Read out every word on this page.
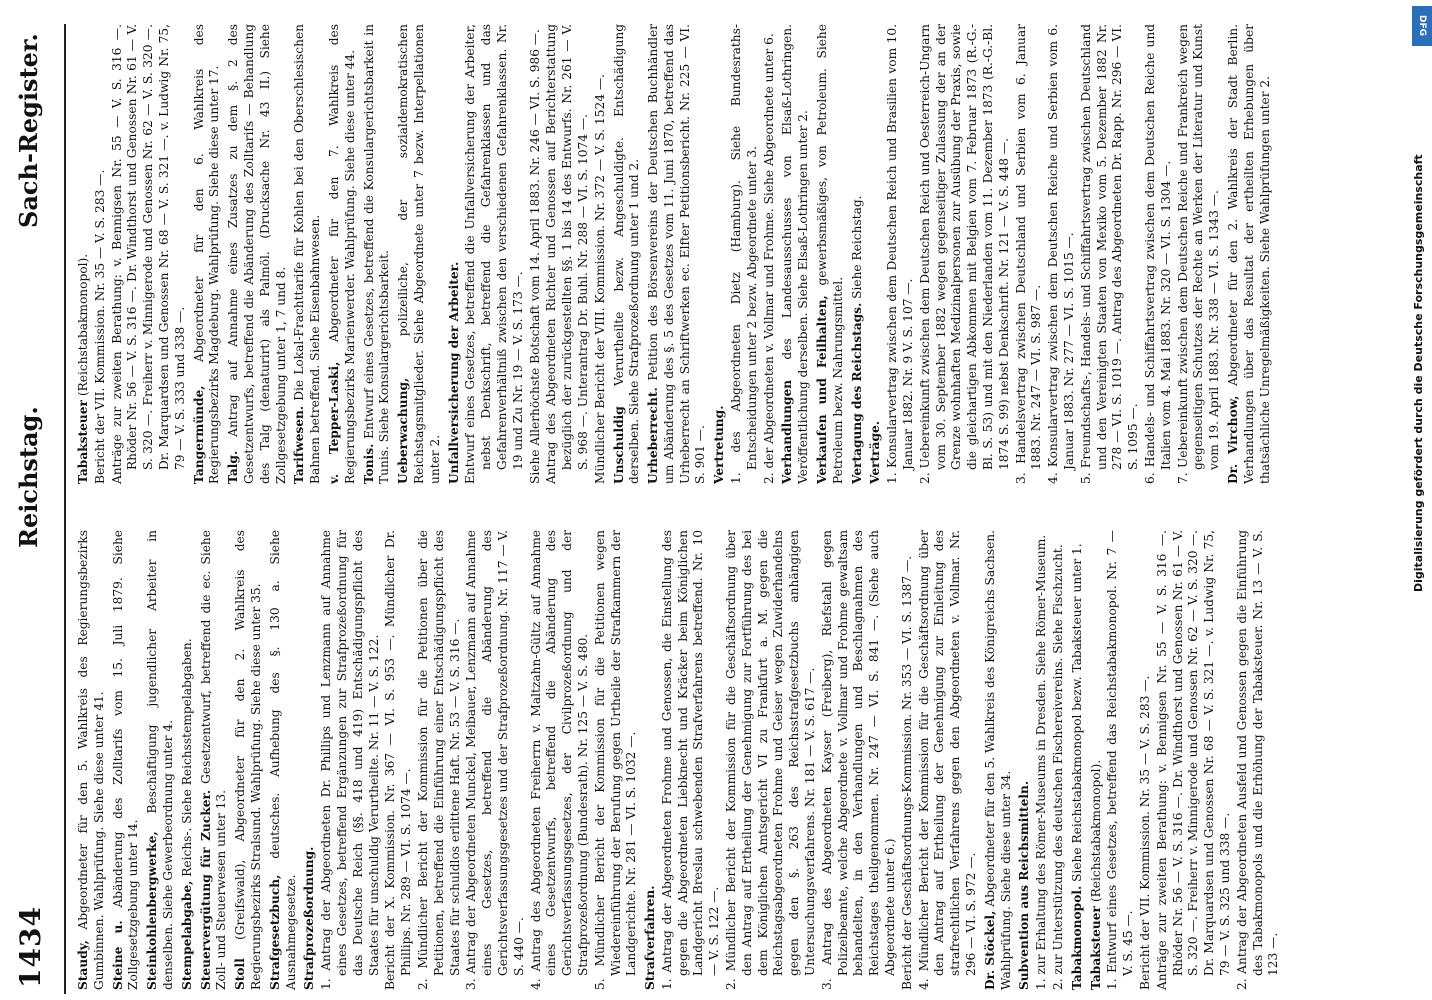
1434
Reichstag.
Sach-Register.
Staudy, Abgeordneter für den 5. Wahlkreis des Regierungsbezirks Gumbinnen. Wahlprüfung. Siehe diese unter 41. Steine u. Abänderung des Zolltarifs vom 15. Juli 1879. Siehe Zollgesetzgebung unter 14. Steinkohlenbergwerke, Beschäftigung jugendlicher Arbeiter in denselben. Siehe Gewerbeordnung unter 4. Stempelabgabe, Reichs-. Siehe Reichsstempelabgaben.
Steuervergütung für Zucker. Gesetzentwurf, betreffend die ec. Siehe Zoll- und Steuerwesen unter 13. Stoll (Greifswald), Abgeordneter für den 2. Wahlkreis des Regierungsbezirks Stralsund. Wahlprüfung. Siehe diese unter 35. Strafgesetzbuch, deutsches. Aufhebung des §. 130 a. Siehe Ausnahmegesetze. Strafprozeßordnung. 1. Antrag der Abgeordneten Dr. Phillips und Lenzmann auf Annahme eines Gesetzes, betreffend Ergänzungen zur Strafprozeßordnung für das Deutsche Reich (§§. 418 und 419) Entschädigungspflicht des Staates für unschuldig Verurtheilte. Nr. 11 — V. S. 122. Bericht der X. Kommission. Nr. 367 — VI. S. 953 —. Mündlicher Dr. Phillips. Nr. 289 — VI. S. 1074 —. 2. Mündlicher Bericht der Kommission für die Petitionen über die Petitionen, betreffend die Einführung einer Entschädigungspflicht des Staates für schuldlos erlittene Haft. Nr. 53 — V. S. 316 —. 3. Antrag der Abgeordneten Munckel, Meibauer, Lenzmann auf Annahme eines Gesetzes, betreffend die Abänderung des Gerichtsverfassungsgesetzes und der Strafprozeßordnung. Nr. 117 — V. S. 440 —. 4. Antrag des Abgeordneten Freiherrn v. Maltzahn-Gültz auf Annahme eines Gesetzentwurfs, betreffend die Abänderung des Gerichtsverfassungsgesetzes, der Civilprozeßordnung und der Strafprozeßordnung (Bundesrath). Nr. 125 — V. S. 480. 5. Mündlicher Bericht der Kommission für die Petitionen wegen Wiedereinführung der Berufung gegen Urtheile der Strafkammern der Landgerichte. Nr. 281 — VI. S. 1032 —. Strafverfahren. 1. Antrag der Abgeordneten Frohme und Genossen, die Einstellung des gegen die Abgeordneten Liebknecht und Kräcker beim Königlichen Landgericht Breslau schwebenden Strafverfahrens betreffend. Nr. 10 — V. S. 122 —. 2. Mündlicher Bericht der Kommission für die Geschäftsordnung über den Antrag auf Ertheilung der Genehmigung zur Fortführung des bei dem Königlichen Amtsgericht VI zu Frankfurt a. M. gegen die Reichstagsabgeordneten Frohme und Geiser wegen Zuwiderhandelns gegen den §. 263 des Reichsstrafgesetzbuchs anhängigen Untersuchungsverfahrens. Nr. 181 — V. S. 617 —. 3. Antrag des Abgeordneten Kayser (Freiberg), Riefstahl gegen Polizeibeamte, welche Abgeordnete v. Vollmar und Frohme gewaltsam behandelten, in den Verhandlungen und Beschlagnahmen des Reichstages theilgenommen. Nr. 247 — VI. S. 841 —. (Siehe auch Abgeordnete unter 6.) Bericht der Geschäftsordnungs-Kommission. Nr. 353 — VI. S. 1387 —. 4. Mündlicher Bericht der Kommission für die Geschäftsordnung über den Antrag auf Ertheilung der Genehmigung zur Einleitung des strafrechtlichen Verfahrens gegen den Abgeordneten v. Vollmar. Nr. 296 — VI. S. 972 —. Dr. Stöckel, Abgeordneter für den 5. Wahlkreis des Königreichs Sachsen. Wahlprüfung. Siehe diese unter 34. Subvention aus Reichsmitteln. 1. zur Erhaltung des Römer-Museums in Dresden. Siehe Römer-Museum. 2. zur Unterstützung des deutschen Fischereivereins. Siehe Fischzucht. Tabakmonopol. Siehe Reichstabakmonopol bezw. Tabaksteuer unter 1.
Tabaksteuer (Reichstabakmonopol). 1. Entwurf eines Gesetzes, betreffend das Reichstabakmonopol. Nr. 7 — V. S. 45 —. Bericht der VII. Kommission. Nr. 35 — V. S. 283 —. Anträge zur zweiten Berathung: v. Bennigsen Nr. 55 — V. S. 316 —. Rhöder Nr. 56 — V. S. 316 —. Dr. Windthorst und Genossen Nr. 61 — V. S. 320 —. Freiherr v. Minnigerode und Genossen Nr. 62 — V. S. 320 —. Dr. Marquardsen und Genossen Nr. 68 — V. S. 321 —. v. Ludwig Nr. 75, 79 — V. S. 325 und 338 —. 2. Antrag der Abgeordneten Ausfeld und Genossen gegen die Einführung des Tabakmonopols und die Erhöhung der Tabaksteuer. Nr. 13 — V. S. 123 —.
Tabaksteuer (Reichstabakmonopol). Bericht der VII. Kommission. Nr. 35 — V. S. 283 —. Anträge zur zweiten Berathung: v. Bennigsen Nr. 55 — V. S. 316 —. Rhöder Nr. 56 — V. S. 316 —. Dr. Windthorst und Genossen Nr. 61 — V. S. 320 —. Freiherr v. Minnigerode und Genossen Nr. 62 — V. S. 320 —. Dr. Marquardsen und Genossen Nr. 68 — V. S. 321 —. v. Ludwig Nr. 75, 79 — V. S. 333 und 338 —. Tangermünde, Abgeordneter für den 6. Wahlkreis des Regierungsbezirks Magdeburg. Wahlprüfung. Siehe diese unter 17. Talg. Antrag auf Annahme eines Zusatzes zu dem §. 2 des Gesetzentwurfs, betreffend die Abänderung des Zolltarifs — Behandlung des Talg (denaturirt) als Palmöl. (Drucksache Nr. 43 II.) Siehe Zollgesetzgebung unter 1, 7 und 8. Tarifwesen. Die Lokal-Frachttarife für Kohlen bei den Oberschlesischen Bahnen betreffend. Siehe Eisenbahnwesen. v. Tepper-Laski, Abgeordneter für den 7. Wahlkreis des Regierungsbezirks Marienwerder. Wahlprüfung. Siehe diese unter 44. Tonis. Entwurf eines Gesetzes, betreffend die Konsulargerichtsbarkeit in Tunis. Siehe Konsulargerichtsbarkeit. Ueberwachung, polizeiliche, der sozialdemokratischen Reichstagsmitglieder. Siehe Abgeordnete unter 7 bezw. Interpellationen unter 2. Unfallversicherung der Arbeiter. Entwurf eines Gesetzes, betreffend die Unfallversicherung der Arbeiter, nebst Denkschrift, betreffend die Gefahrenklassen und das Gefahrenverhältniß zwischen den verschiedenen Gefahrenklassen. Nr. 19 und Zu Nr. 19 — V. S. 173 —. Siehe Allerhöchste Botschaft vom 14. April 1883. Nr. 246 — VI. S. 986 —. Antrag des Abgeordneten Richter und Genossen auf Berichterstattung bezüglich der zurückgestellten §§. 1 bis 14 des Entwurfs. Nr. 261 — V. S. 968 —. Unterantrag Dr. Buhl. Nr. 288 — VI. S. 1074 —. Mündlicher Bericht der VIII. Kommission. Nr. 372 — V. S. 1524 —. Unschuldig Verurtheilte bezw. Angeschuldigte. Entschädigung derselben. Siehe Strafprozeßordnung unter 1 und 2. Urheberrecht. Petition des Börsenvereins der Deutschen Buchhändler um Abänderung des §. 5 des Gesetzes vom 11. Juni 1870, betreffend das Urheberrecht an Schriftwerken ec. Elfter Petitionsbericht. Nr. 225 — VI. S. 901 —. Vertretung. 1. des Abgeordneten Dietz (Hamburg). Siehe Bundesraths-Entscheidungen unter 2 bezw. Abgeordnete unter 3. 2. der Abgeordneten v. Vollmar und Frohme. Siehe Abgeordnete unter 6. Verhandlungen des Landesausschusses von Elsaß-Lothringen. Veröffentlichung derselben. Siehe Elsaß-Lothringen unter 2. Verkaufen und Feilhalten, gewerbsmäßiges, von Petroleum. Siehe Petroleum bezw. Nahrungsmittel. Vertagung des Reichstags. Siehe Reichstag.
Verträge. 1. Konsularvertrag zwischen dem Deutschen Reich und Brasilien vom 10. Januar 1882. Nr. 9 V. S. 107 —. 2. Uebereinkunft zwischen dem Deutschen Reich und Oesterreich-Ungarn vom 30. September 1882 wegen gegenseitiger Zulassung der an der Grenze wohnhaften Medizinalpersonen zur Ausübung der Praxis, sowie die gleichartigen Abkommen mit Belgien vom 7. Februar 1873 (R.-G.-Bl. S. 53) und mit den Niederlanden vom 11. Dezember 1873 (R.-G.-Bl. 1874 S. 99) nebst Denkschrift. Nr. 121 — V. S. 448 —. 3. Handelsvertrag zwischen Deutschland und Serbien vom 6. Januar 1883. Nr. 247 — VI. S. 987 —. 4. Konsularvertrag zwischen dem Deutschen Reiche und Serbien vom 6. Januar 1883. Nr. 277 — VI. S. 1015 —. 5. Freundschafts-, Handels- und Schiffahrtsvertrag zwischen Deutschland und den Vereinigten Staaten von Mexiko vom 5. Dezember 1882 Nr. 278 — VI. S. 1019 —. Antrag des Abgeordneten Dr. Rapp. Nr. 296 — VI. S. 1095 —. 6. Handels- und Schiffahrtsvertrag zwischen dem Deutschen Reiche und Italien vom 4. Mai 1883. Nr. 320 — VI. S. 1304 —. 7. Uebereinkunft zwischen dem Deutschen Reiche und Frankreich wegen gegenseitigen Schutzes der Rechte an Werken der Literatur und Kunst vom 19. April 1883. Nr. 338 — VI. S. 1343 —. Dr. Virchow, Abgeordneter für den 2. Wahlkreis der Stadt Berlin. Verhandlungen über das Resultat der ertheilten Erhebungen über thatsächliche Unregelmäßigkeiten. Siehe Wahlprüfungen unter 2.
DFG
Digitalisierung gefördert durch die Deutsche Forschungsgemeinschaft
